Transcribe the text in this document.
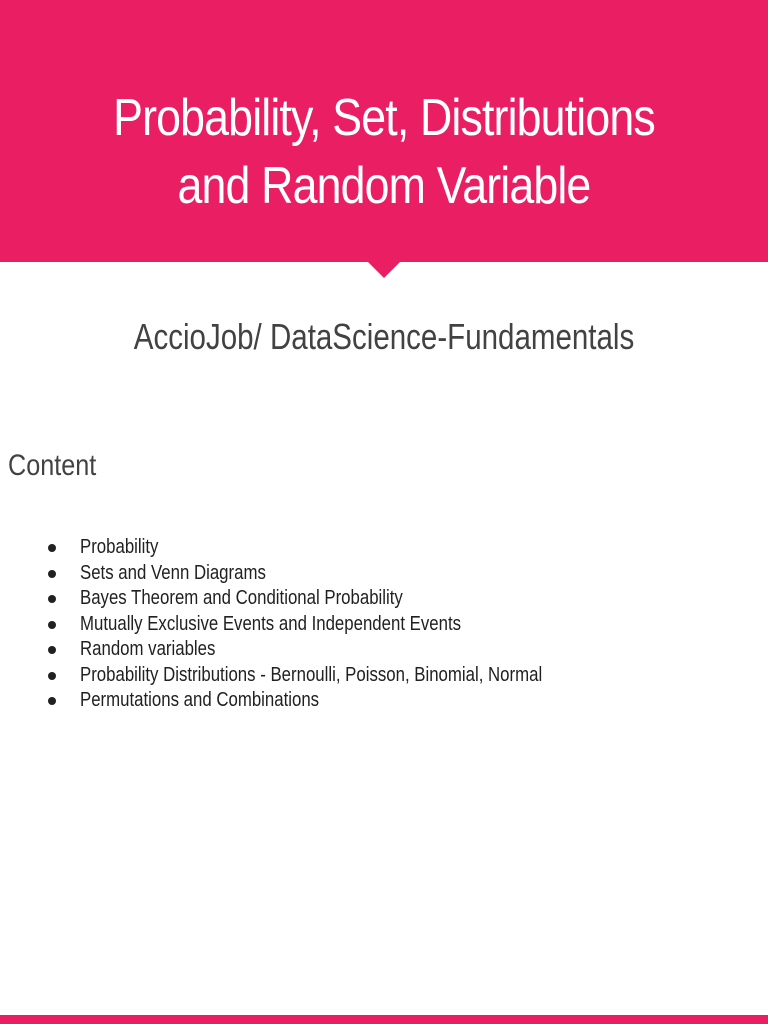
Probability, Set, Distributions
and Random Variable
AccioJob/ DataScience-Fundamentals
Content
Probability
Sets and Venn Diagrams
Bayes Theorem and Conditional Probability
Mutually Exclusive Events and Independent Events
Random variables
Probability Distributions - Bernoulli, Poisson, Binomial, Normal
Permutations and Combinations
